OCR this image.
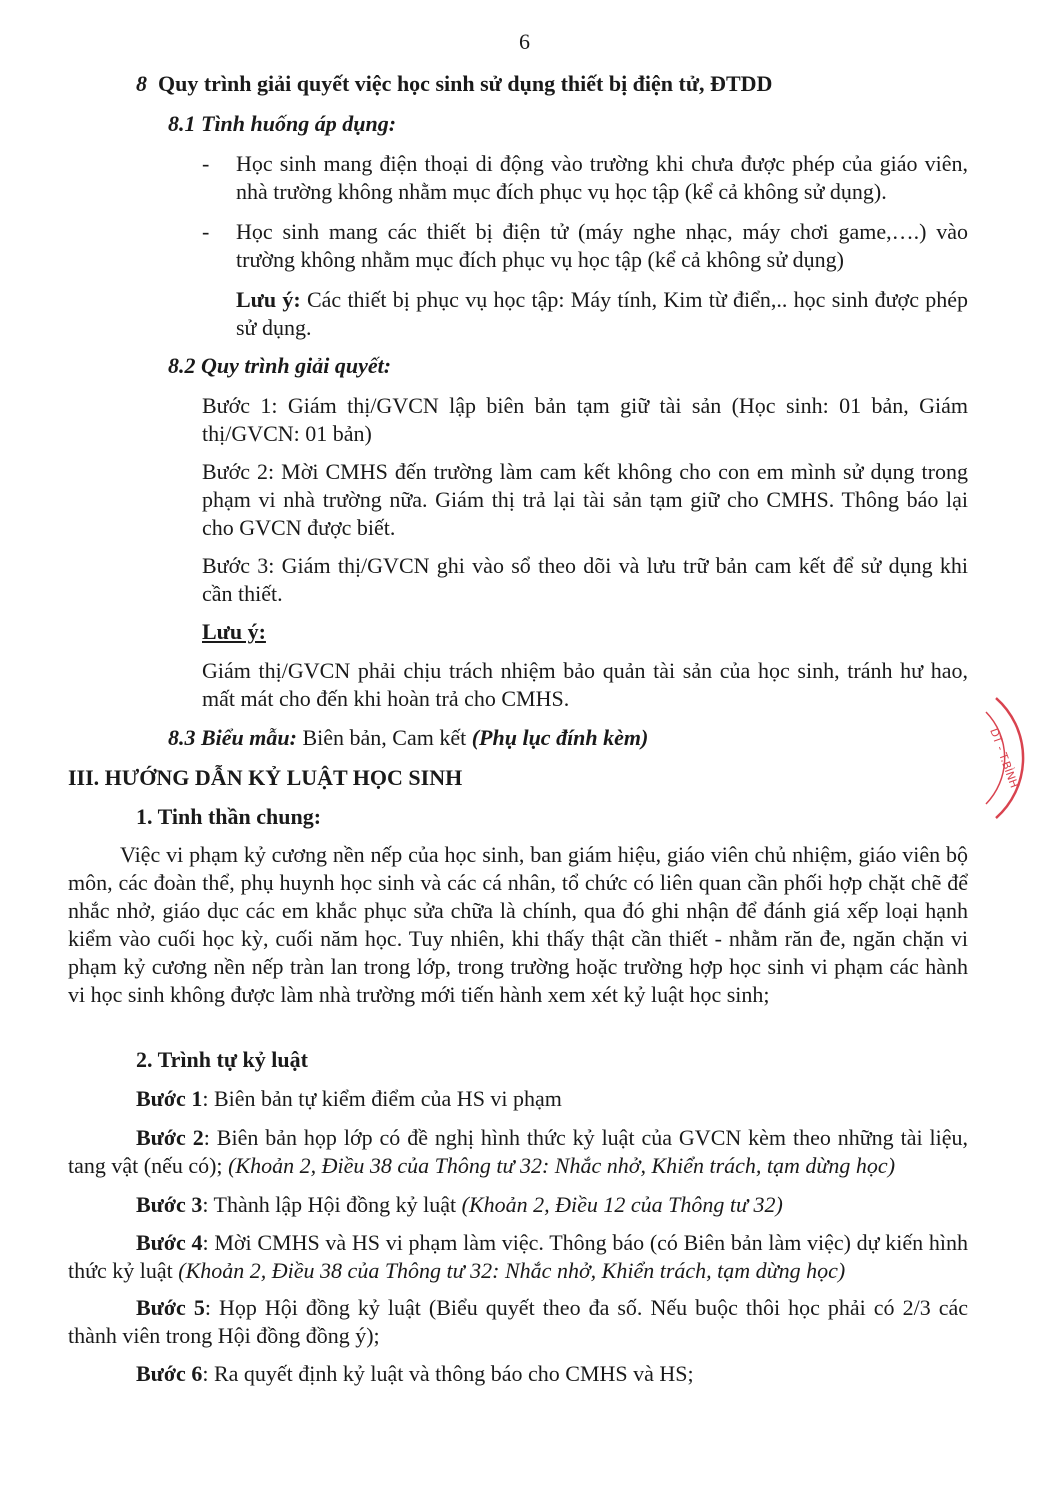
6
8 Quy trình giải quyết việc học sinh sử dụng thiết bị điện tử, ĐTDD
8.1 Tình huống áp dụng:
- Học sinh mang điện thoại di động vào trường khi chưa được phép của giáo viên, nhà trường không nhằm mục đích phục vụ học tập (kể cả không sử dụng).
- Học sinh mang các thiết bị điện tử (máy nghe nhạc, máy chơi game,….) vào trường không nhằm mục đích phục vụ học tập (kể cả không sử dụng)
Lưu ý: Các thiết bị phục vụ học tập: Máy tính, Kim từ điển,.. học sinh được phép sử dụng.
8.2 Quy trình giải quyết:
Bước 1: Giám thị/GVCN lập biên bản tạm giữ tài sản (Học sinh: 01 bản, Giám thị/GVCN: 01 bản)
Bước 2: Mời CMHS đến trường làm cam kết không cho con em mình sử dụng trong phạm vi nhà trường nữa. Giám thị trả lại tài sản tạm giữ cho CMHS. Thông báo lại cho GVCN được biết.
Bước 3: Giám thị/GVCN ghi vào sổ theo dõi và lưu trữ bản cam kết để sử dụng khi cần thiết.
Lưu ý:
Giám thị/GVCN phải chịu trách nhiệm bảo quản tài sản của học sinh, tránh hư hao, mất mát cho đến khi hoàn trả cho CMHS.
8.3 Biểu mẫu: Biên bản, Cam kết (Phụ lục đính kèm)
III. HƯỚNG DẪN KỶ LUẬT HỌC SINH
1. Tinh thần chung:
Việc vi phạm kỷ cương nền nếp của học sinh, ban giám hiệu, giáo viên chủ nhiệm, giáo viên bộ môn, các đoàn thể, phụ huynh học sinh và các cá nhân, tổ chức có liên quan cần phối hợp chặt chẽ để nhắc nhở, giáo dục các em khắc phục sửa chữa là chính, qua đó ghi nhận để đánh giá xếp loại hạnh kiểm vào cuối học kỳ, cuối năm học. Tuy nhiên, khi thấy thật cần thiết - nhằm răn đe, ngăn chặn vi phạm kỷ cương nền nếp tràn lan trong lớp, trong trường hoặc trường hợp học sinh vi phạm các hành vi học sinh không được làm nhà trường mới tiến hành xem xét kỷ luật học sinh;
2. Trình tự kỷ luật
Bước 1: Biên bản tự kiểm điểm của HS vi phạm
Bước 2: Biên bản họp lớp có đề nghị hình thức kỷ luật của GVCN kèm theo những tài liệu, tang vật (nếu có); (Khoản 2, Điều 38 của Thông tư 32: Nhắc nhở, Khiển trách, tạm dừng học)
Bước 3: Thành lập Hội đồng kỷ luật (Khoản 2, Điều 12 của Thông tư 32)
Bước 4: Mời CMHS và HS vi phạm làm việc. Thông báo (có Biên bản làm việc) dự kiến hình thức kỷ luật (Khoản 2, Điều 38 của Thông tư 32: Nhắc nhở, Khiển trách, tạm dừng học)
Bước 5: Họp Hội đồng kỷ luật (Biểu quyết theo đa số. Nếu buộc thôi học phải có 2/3 các thành viên trong Hội đồng đồng ý);
Bước 6: Ra quyết định kỷ luật và thông báo cho CMHS và HS;
DT - T.BÌNH
